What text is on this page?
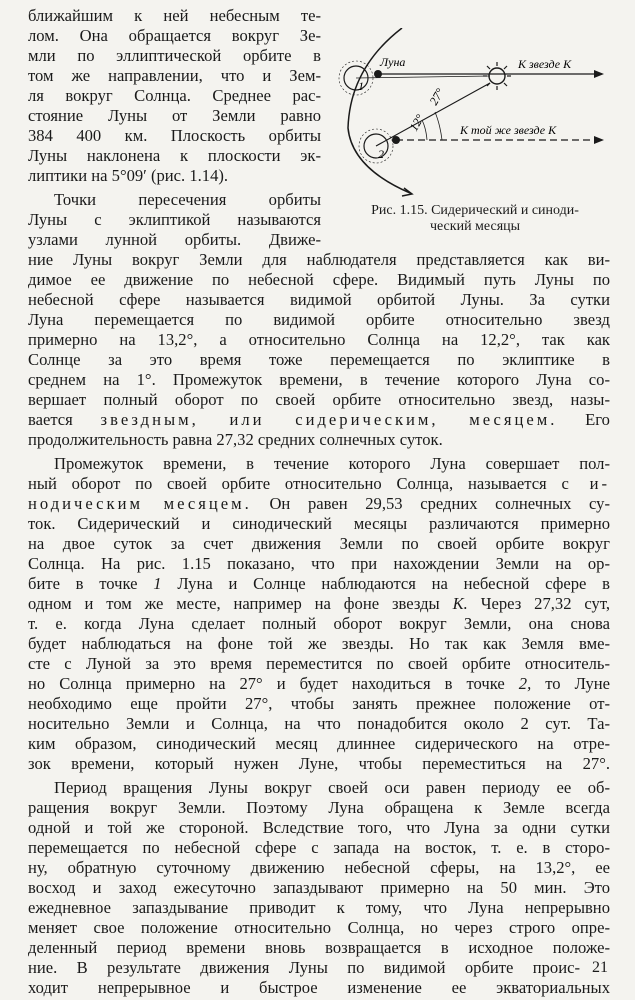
1
2
27°
12°
Луна	К звезде К
К той же звезде К
Рис. 1.15. Сидерический и синоди-
ческий месяцы
ближайшим к ней небесным те-
лом. Она обращается вокруг Зе-
мли по эллиптической орбите в
том же направлении, что и Зем-
ля вокруг Солнца. Среднее рас-
стояние Луны от Земли равно
384 400 км. Плоскость орбиты
Луны наклонена к плоскости эк-
липтики на 5°09′ (рис. 1.14).
Точки пересечения орбиты
Луны с эклиптикой называются
узлами лунной орбиты. Движе-
ние Луны вокруг Земли для наблюдателя представляется как ви-
димое ее движение по небесной сфере. Видимый путь Луны по
небесной сфере называется видимой орбитой Луны. За сутки
Луна перемещается по видимой орбите относительно звезд
примерно на 13,2°, а относительно Солнца на 12,2°, так как
Солнце за это время тоже перемещается по эклиптике в
среднем на 1°. Промежуток времени, в течение которого Луна со-
вершает полный оборот по своей орбите относительно звезд, назы-
вается звездным, или сидерическим, месяцем. Его
продолжительность равна 27,32 средних солнечных суток.
Промежуток времени, в течение которого Луна совершает пол-
ный оборот по своей орбите относительно Солнца, называется с и-
нодическим месяцем. Он равен 29,53 средних солнечных су-
ток. Сидерический и синодический месяцы различаются примерно
на двое суток за счет движения Земли по своей орбите вокруг
Солнца. На рис. 1.15 показано, что при нахождении Земли на ор-
бите в точке 1 Луна и Солнце наблюдаются на небесной сфере в
одном и том же месте, например на фоне звезды К. Через 27,32 сут,
т. е. когда Луна сделает полный оборот вокруг Земли, она снова
будет наблюдаться на фоне той же звезды. Но так как Земля вме-
сте с Луной за это время переместится по своей орбите относитель-
но Солнца примерно на 27° и будет находиться в точке 2, то Луне
необходимо еще пройти 27°, чтобы занять прежнее положение от-
носительно Земли и Солнца, на что понадобится около 2 сут. Та-
ким образом, синодический месяц длиннее сидерического на отре-
зок времени, который нужен Луне, чтобы переместиться на 27°.
Период вращения Луны вокруг своей оси равен периоду ее об-
ращения вокруг Земли. Поэтому Луна обращена к Земле всегда
одной и той же стороной. Вследствие того, что Луна за одни сутки
перемещается по небесной сфере с запада на восток, т. е. в сторо-
ну, обратную суточному движению небесной сферы, на 13,2°, ее
восход и заход ежесуточно запаздывают примерно на 50 мин. Это
ежедневное запаздывание приводит к тому, что Луна непрерывно
меняет свое положение относительно Солнца, но через строго опре-
деленный период времени вновь возвращается в исходное положе-
ние. В результате движения Луны по видимой орбите проис-
ходит непрерывное и быстрое изменение ее экваториальных
21
